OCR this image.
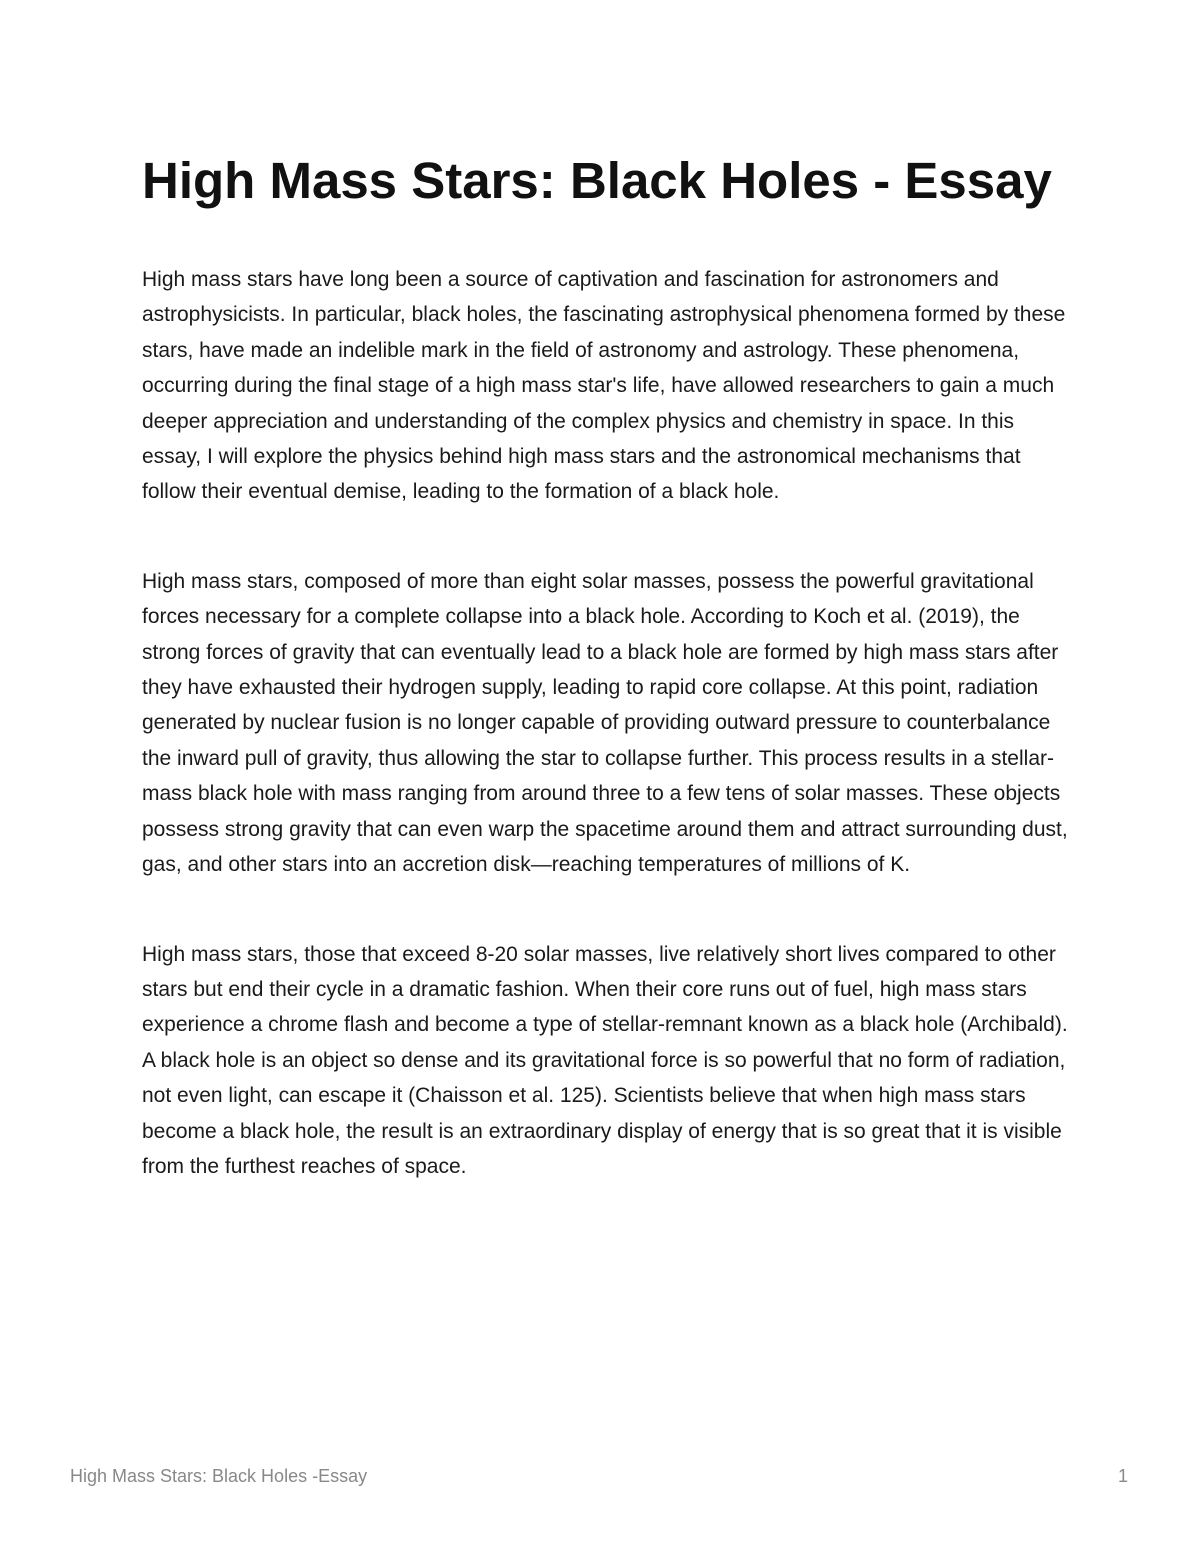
High Mass Stars: Black Holes - Essay

High mass stars have long been a source of captivation and fascination for astronomers and astrophysicists. In particular, black holes, the fascinating astrophysical phenomena formed by these stars, have made an indelible mark in the field of astronomy and astrology. These phenomena, occurring during the final stage of a high mass star's life, have allowed researchers to gain a much deeper appreciation and understanding of the complex physics and chemistry in space. In this essay, I will explore the physics behind high mass stars and the astronomical mechanisms that follow their eventual demise, leading to the formation of a black hole.

High mass stars, composed of more than eight solar masses, possess the powerful gravitational forces necessary for a complete collapse into a black hole. According to Koch et al. (2019), the strong forces of gravity that can eventually lead to a black hole are formed by high mass stars after they have exhausted their hydrogen supply, leading to rapid core collapse. At this point, radiation generated by nuclear fusion is no longer capable of providing outward pressure to counterbalance the inward pull of gravity, thus allowing the star to collapse further. This process results in a stellar-mass black hole with mass ranging from around three to a few tens of solar masses. These objects possess strong gravity that can even warp the spacetime around them and attract surrounding dust, gas, and other stars into an accretion disk—reaching temperatures of millions of K.

High mass stars, those that exceed 8-20 solar masses, live relatively short lives compared to other stars but end their cycle in a dramatic fashion. When their core runs out of fuel, high mass stars experience a chrome flash and become a type of stellar-remnant known as a black hole (Archibald). A black hole is an object so dense and its gravitational force is so powerful that no form of radiation, not even light, can escape it (Chaisson et al. 125). Scientists believe that when high mass stars become a black hole, the result is an extraordinary display of energy that is so great that it is visible from the furthest reaches of space.

High Mass Stars: Black Holes -Essay	1
